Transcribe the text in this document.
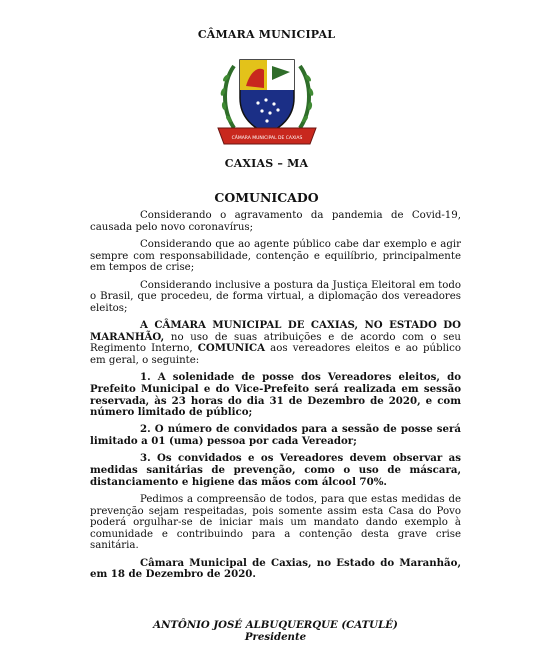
CÂMARA MUNICIPAL
CÂMARA MUNICIPAL DE CAXIAS
CAXIAS – MA
COMUNICADO

Considerando o agravamento da pandemia de Covid-19, causada pelo novo coronavírus;

Considerando que ao agente público cabe dar exemplo e agir sempre com responsabilidade, contenção e equilíbrio, principalmente em tempos de crise;

Considerando inclusive a postura da Justiça Eleitoral em todo o Brasil, que procedeu, de forma virtual, a diplomação dos vereadores eleitos;

A CÂMARA MUNICIPAL DE CAXIAS, NO ESTADO DO MARANHÃO, no uso de suas atribuições e de acordo com o seu Regimento Interno, COMUNICA aos vereadores eleitos e ao público em geral, o seguinte:

1. A solenidade de posse dos Vereadores eleitos, do Prefeito Municipal e do Vice-Prefeito será realizada em sessão reservada, às 23 horas do dia 31 de Dezembro de 2020, e com número limitado de público;

2. O número de convidados para a sessão de posse será limitado a 01 (uma) pessoa por cada Vereador;

3. Os convidados e os Vereadores devem observar as medidas sanitárias de prevenção, como o uso de máscara, distanciamento e higiene das mãos com álcool 70%.

Pedimos a compreensão de todos, para que estas medidas de prevenção sejam respeitadas, pois somente assim esta Casa do Povo poderá orgulhar-se de iniciar mais um mandato dando exemplo à comunidade e contribuindo para a contenção desta grave crise sanitária.

Câmara Municipal de Caxias, no Estado do Maranhão, em 18 de Dezembro de 2020.

ANTÔNIO JOSÉ ALBUQUERQUE (CATULÉ)
Presidente
